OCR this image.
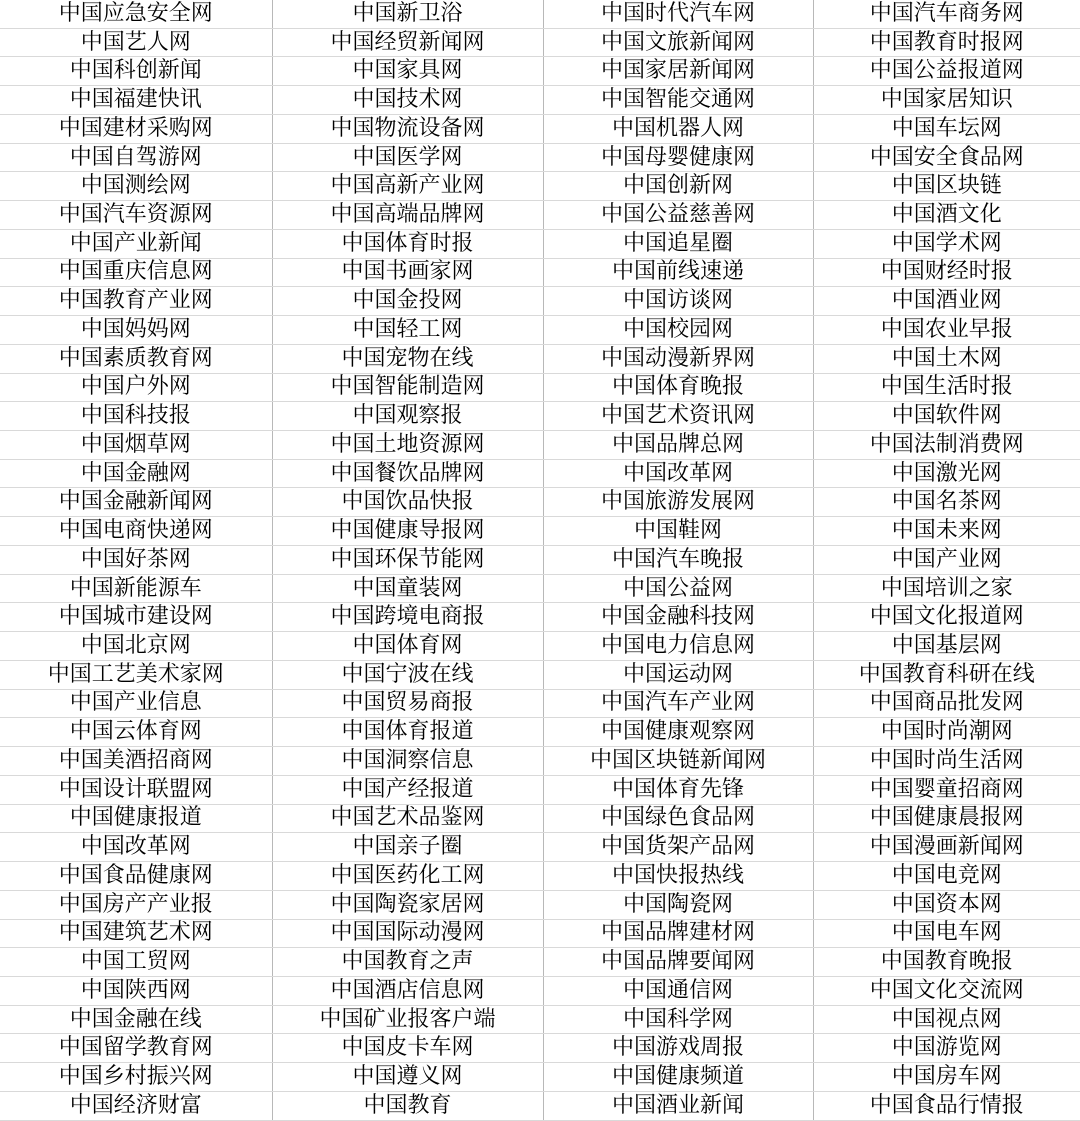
中国应急安全网	中国新卫浴	中国时代汽车网	中国汽车商务网
中国艺人网	中国经贸新闻网	中国文旅新闻网	中国教育时报网
中国科创新闻	中国家具网	中国家居新闻网	中国公益报道网
中国福建快讯	中国技术网	中国智能交通网	中国家居知识
中国建材采购网	中国物流设备网	中国机器人网	中国车坛网
中国自驾游网	中国医学网	中国母婴健康网	中国安全食品网
中国测绘网	中国高新产业网	中国创新网	中国区块链
中国汽车资源网	中国高端品牌网	中国公益慈善网	中国酒文化
中国产业新闻	中国体育时报	中国追星圈	中国学术网
中国重庆信息网	中国书画家网	中国前线速递	中国财经时报
中国教育产业网	中国金投网	中国访谈网	中国酒业网
中国妈妈网	中国轻工网	中国校园网	中国农业早报
中国素质教育网	中国宠物在线	中国动漫新界网	中国土木网
中国户外网	中国智能制造网	中国体育晚报	中国生活时报
中国科技报	中国观察报	中国艺术资讯网	中国软件网
中国烟草网	中国土地资源网	中国品牌总网	中国法制消费网
中国金融网	中国餐饮品牌网	中国改革网	中国激光网
中国金融新闻网	中国饮品快报	中国旅游发展网	中国名茶网
中国电商快递网	中国健康导报网	中国鞋网	中国未来网
中国好茶网	中国环保节能网	中国汽车晚报	中国产业网
中国新能源车	中国童装网	中国公益网	中国培训之家
中国城市建设网	中国跨境电商报	中国金融科技网	中国文化报道网
中国北京网	中国体育网	中国电力信息网	中国基层网
中国工艺美术家网	中国宁波在线	中国运动网	中国教育科研在线
中国产业信息	中国贸易商报	中国汽车产业网	中国商品批发网
中国云体育网	中国体育报道	中国健康观察网	中国时尚潮网
中国美酒招商网	中国洞察信息	中国区块链新闻网	中国时尚生活网
中国设计联盟网	中国产经报道	中国体育先锋	中国婴童招商网
中国健康报道	中国艺术品鉴网	中国绿色食品网	中国健康晨报网
中国改革网	中国亲子圈	中国货架产品网	中国漫画新闻网
中国食品健康网	中国医药化工网	中国快报热线	中国电竞网
中国房产产业报	中国陶瓷家居网	中国陶瓷网	中国资本网
中国建筑艺术网	中国国际动漫网	中国品牌建材网	中国电车网
中国工贸网	中国教育之声	中国品牌要闻网	中国教育晚报
中国陕西网	中国酒店信息网	中国通信网	中国文化交流网
中国金融在线	中国矿业报客户端	中国科学网	中国视点网
中国留学教育网	中国皮卡车网	中国游戏周报	中国游览网
中国乡村振兴网	中国遵义网	中国健康频道	中国房车网
中国经济财富	中国教育	中国酒业新闻	中国食品行情报
